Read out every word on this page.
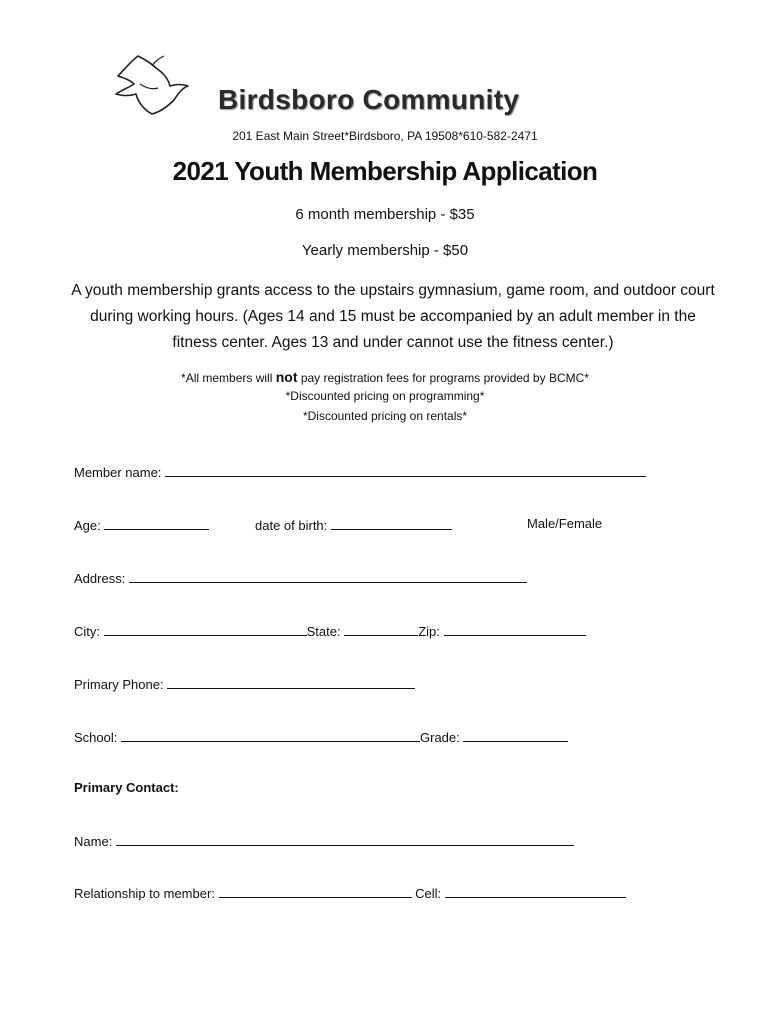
Birdsboro Community
201 East Main Street*Birdsboro, PA 19508*610-582-2471
2021 Youth Membership Application
6 month membership - $35
Yearly membership - $50
A youth membership grants access to the upstairs gymnasium, game room, and outdoor court during working hours. (Ages 14 and 15 must be accompanied by an adult member in the fitness center. Ages 13 and under cannot use the fitness center.)
*All members will not pay registration fees for programs provided by BCMC*
*Discounted pricing on programming*
*Discounted pricing on rentals*
Member name:
Age:	date of birth:	Male/Female
Address:
City:	State:	Zip:
Primary Phone:
School:	Grade:
Primary Contact:
Name:
Relationship to member:	Cell:
